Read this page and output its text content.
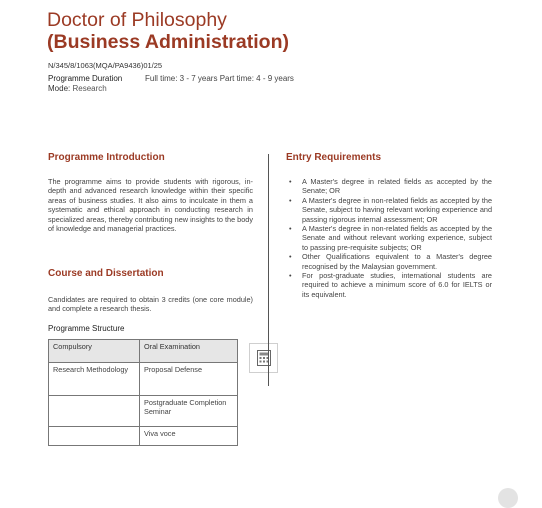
Doctor of Philosophy
(Business Administration)
N/345/8/1063(MQA/PA9436)01/25
Programme Duration	Full time: 3 - 7 years Part time: 4 - 9 years
Mode: Research
Programme Introduction
The programme aims to provide students with rigorous, in-depth and advanced research knowledge within their specific areas of business studies. It also aims to inculcate in them a systematic and ethical approach in conducting research in specialized areas, thereby contributing new insights to the body of knowledge and managerial practices.
Course and Dissertation
Candidates are required to obtain 3 credits (one core module) and complete a research thesis.
Programme Structure
Compulsory	Oral Examination
Research Methodology	Proposal Defense
	Postgraduate Completion Seminar
	Viva voce
Entry Requirements
• A Master's degree in related fields as accepted by the Senate; OR
• A Master's degree in non-related fields as accepted by the Senate, subject to having relevant working experience and passing rigorous internal assessment; OR
• A Master's degree in non-related fields as accepted by the Senate and without relevant working experience, subject to passing pre-requisite subjects; OR
• Other Qualifications equivalent to a Master's degree recognised by the Malaysian government.
• For post-graduate studies, international students are required to achieve a minimum score of 6.0 for IELTS or its equivalent.
